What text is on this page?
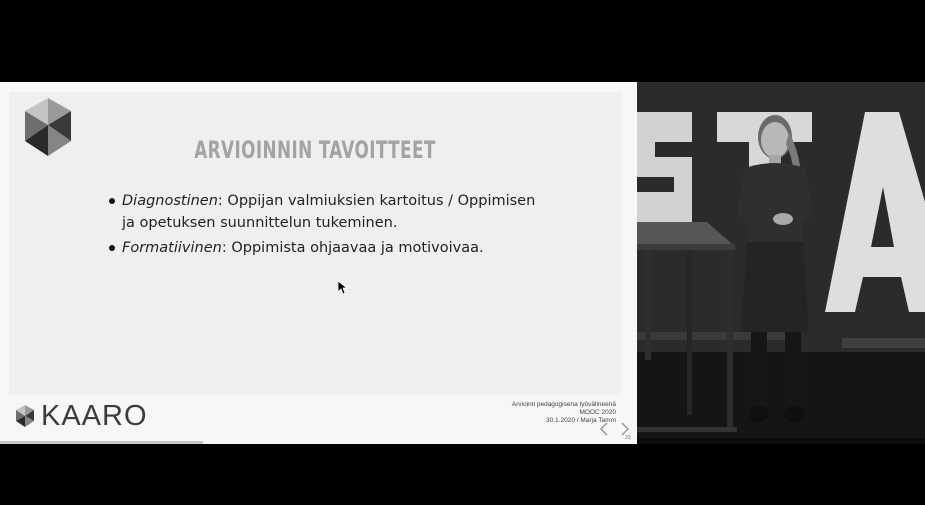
ARVIOINNIN TAVOITTEET
Diagnostinen: Oppijan valmiuksien kartoitus / Oppimisen ja opetuksen suunnittelun tukeminen.
Formatiivinen: Oppimista ohjaavaa ja motivoivaa.
KAARO	Arviointi pedagogisena työvälineenä
MOOC 2020
30.1.2020 / Marja Tamm
23
